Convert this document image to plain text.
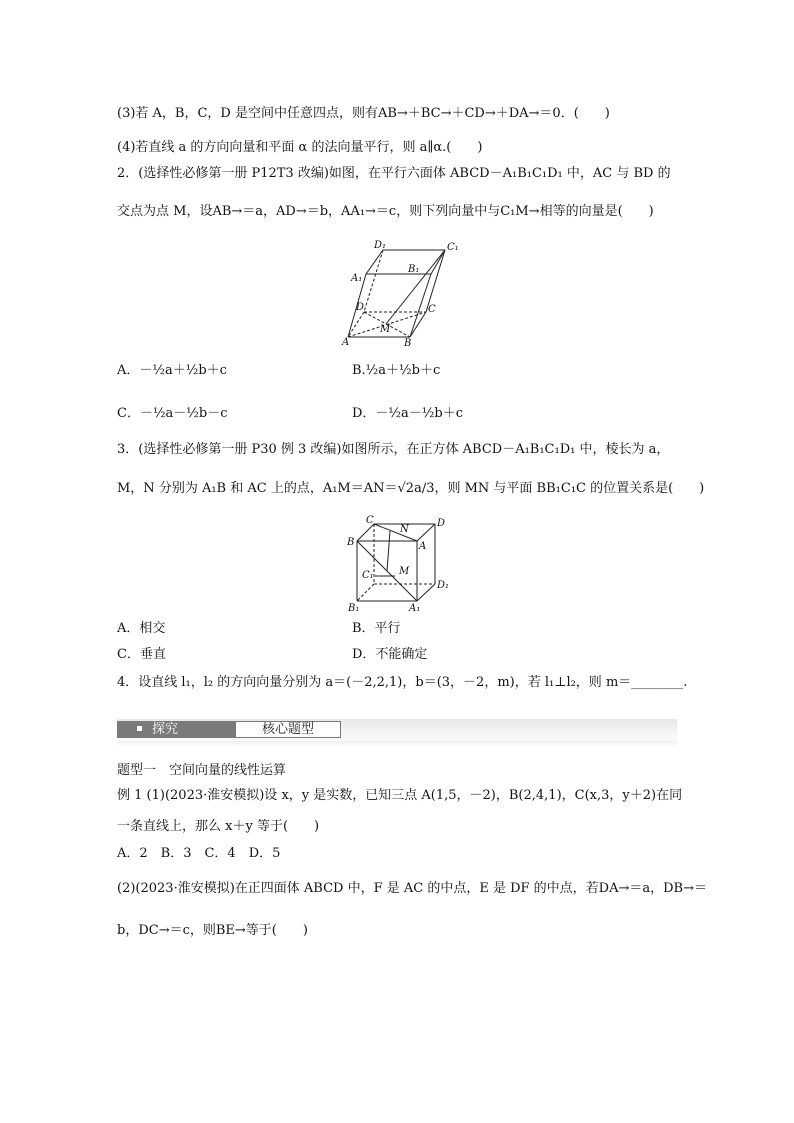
(3)若 A，B，C，D 是空间中任意四点，则有AB→＋BC→＋CD→＋DA→＝0．(　　)
(4)若直线 a 的方向向量和平面 α 的法向量平行，则 a∥α.(　　)
2．(选择性必修第一册 P12T3 改编)如图，在平行六面体 ABCD－A₁B₁C₁D₁ 中，AC 与 BD 的
交点为点 M，设AB→＝a，AD→＝b，AA₁→＝c，则下列向量中与C₁M→相等的向量是(　　)
D₁	C₁
A₁
B₁
D	C
M
A	B
A．－½a＋½b＋c	B.½a＋½b＋c
C．－½a－½b－c	D．－½a－½b＋c
3．(选择性必修第一册 P30 例 3 改编)如图所示，在正方体 ABCD－A₁B₁C₁D₁ 中，棱长为 a，
M，N 分别为 A₁B 和 AC 上的点，A₁M＝AN＝√2a/3，则 MN 与平面 BB₁C₁C 的位置关系是(　　)
C
N
D
B	A
M
C₁
D₁
B₁	A₁
A．相交	B．平行
C．垂直	D．不能确定
4．设直线 l₁，l₂ 的方向向量分别为 a＝(－2,2,1)，b＝(3，－2，m)，若 l₁⊥l₂，则 m＝________.
探究	核心题型
题型一　空间向量的线性运算
例 1 (1)(2023·淮安模拟)设 x，y 是实数，已知三点 A(1,5，－2)，B(2,4,1)，C(x,3，y＋2)在同
一条直线上，那么 x＋y 等于(　　)
A．2　B．3　C．4　D．5
(2)(2023·淮安模拟)在正四面体 ABCD 中，F 是 AC 的中点，E 是 DF 的中点，若DA→＝a，DB→＝
b，DC→＝c，则BE→等于(　　)
